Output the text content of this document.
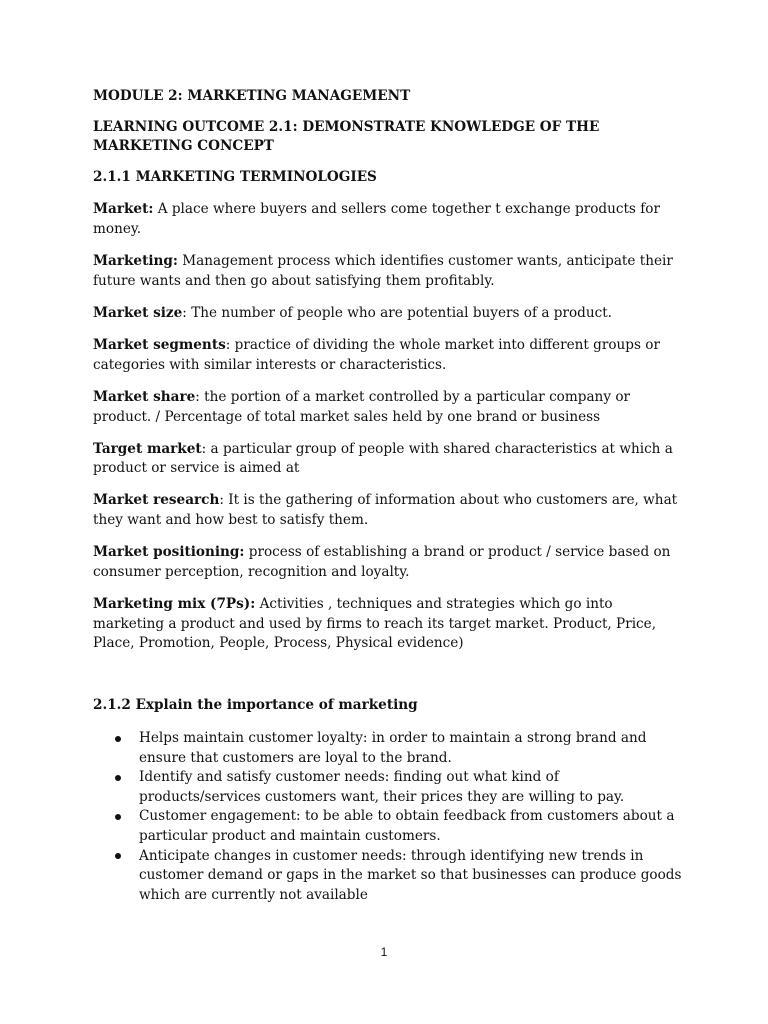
MODULE 2: MARKETING MANAGEMENT
LEARNING OUTCOME 2.1: DEMONSTRATE KNOWLEDGE OF THE MARKETING CONCEPT
2.1.1 MARKETING TERMINOLOGIES
Market: A place where buyers and sellers come together t exchange products for money.
Marketing: Management process which identifies customer wants, anticipate their future wants and then go about satisfying them profitably.
Market size: The number of people who are potential buyers of a product.
Market segments: practice of dividing the whole market into different groups or categories with similar interests or characteristics.
Market share: the portion of a market controlled by a particular company or product. / Percentage of total market sales held by one brand or business
Target market: a particular group of people with shared characteristics at which a product or service is aimed at
Market research: It is the gathering of information about who customers are, what they want and how best to satisfy them.
Market positioning: process of establishing a brand or product / service based on consumer perception, recognition and loyalty.
Marketing mix (7Ps): Activities , techniques and strategies which go into marketing a product and used by firms to reach its target market. Product, Price, Place, Promotion, People, Process, Physical evidence)
2.1.2 Explain the importance of marketing
Helps maintain customer loyalty: in order to maintain a strong brand and ensure that customers are loyal to the brand.
Identify and satisfy customer needs: finding out what kind of products/services customers want, their prices they are willing to pay.
Customer engagement: to be able to obtain feedback from customers about a particular product and maintain customers.
Anticipate changes in customer needs: through identifying new trends in customer demand or gaps in the market so that businesses can produce goods which are currently not available
1
